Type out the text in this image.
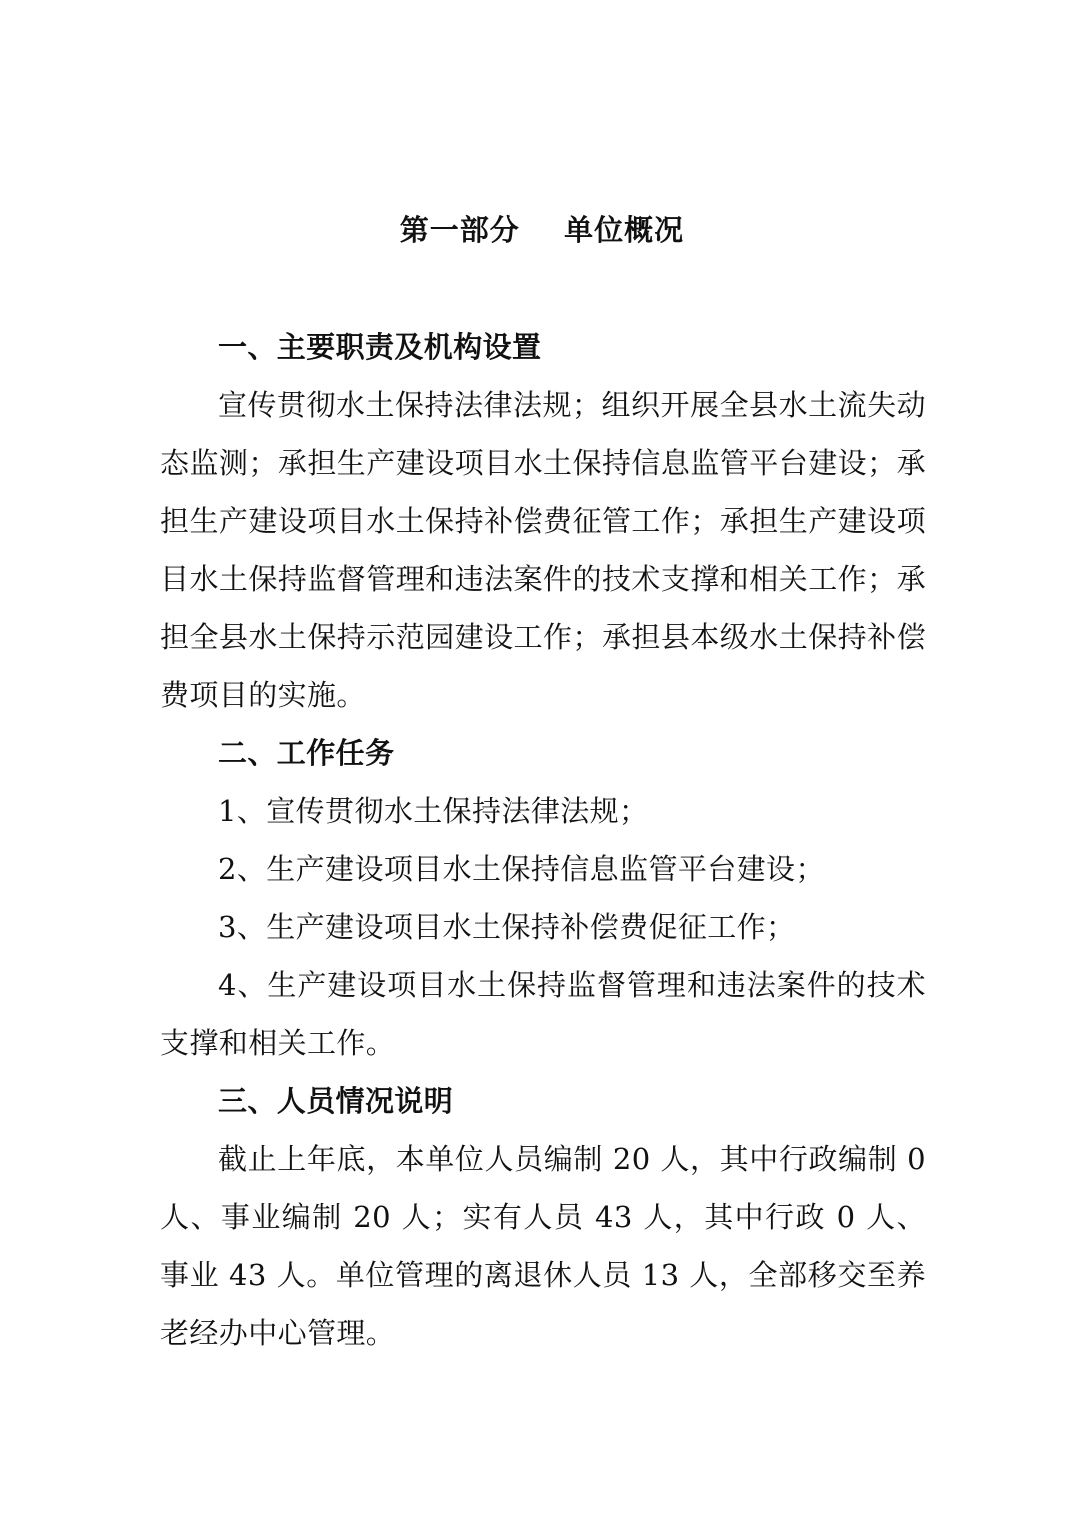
第一部分    单位概况

一、主要职责及机构设置

宣传贯彻水土保持法律法规；组织开展全县水土流失动态监测；承担生产建设项目水土保持信息监管平台建设；承担生产建设项目水土保持补偿费征管工作；承担生产建设项目水土保持监督管理和违法案件的技术支撑和相关工作；承担全县水土保持示范园建设工作；承担县本级水土保持补偿费项目的实施。

二、工作任务

1、宣传贯彻水土保持法律法规；

2、生产建设项目水土保持信息监管平台建设；

3、生产建设项目水土保持补偿费促征工作；

4、生产建设项目水土保持监督管理和违法案件的技术支撑和相关工作。

三、人员情况说明

截止上年底，本单位人员编制 20 人，其中行政编制 0 人、事业编制 20 人；实有人员 43 人，其中行政 0 人、事业 43 人。单位管理的离退休人员 13 人，全部移交至养老经办中心管理。
